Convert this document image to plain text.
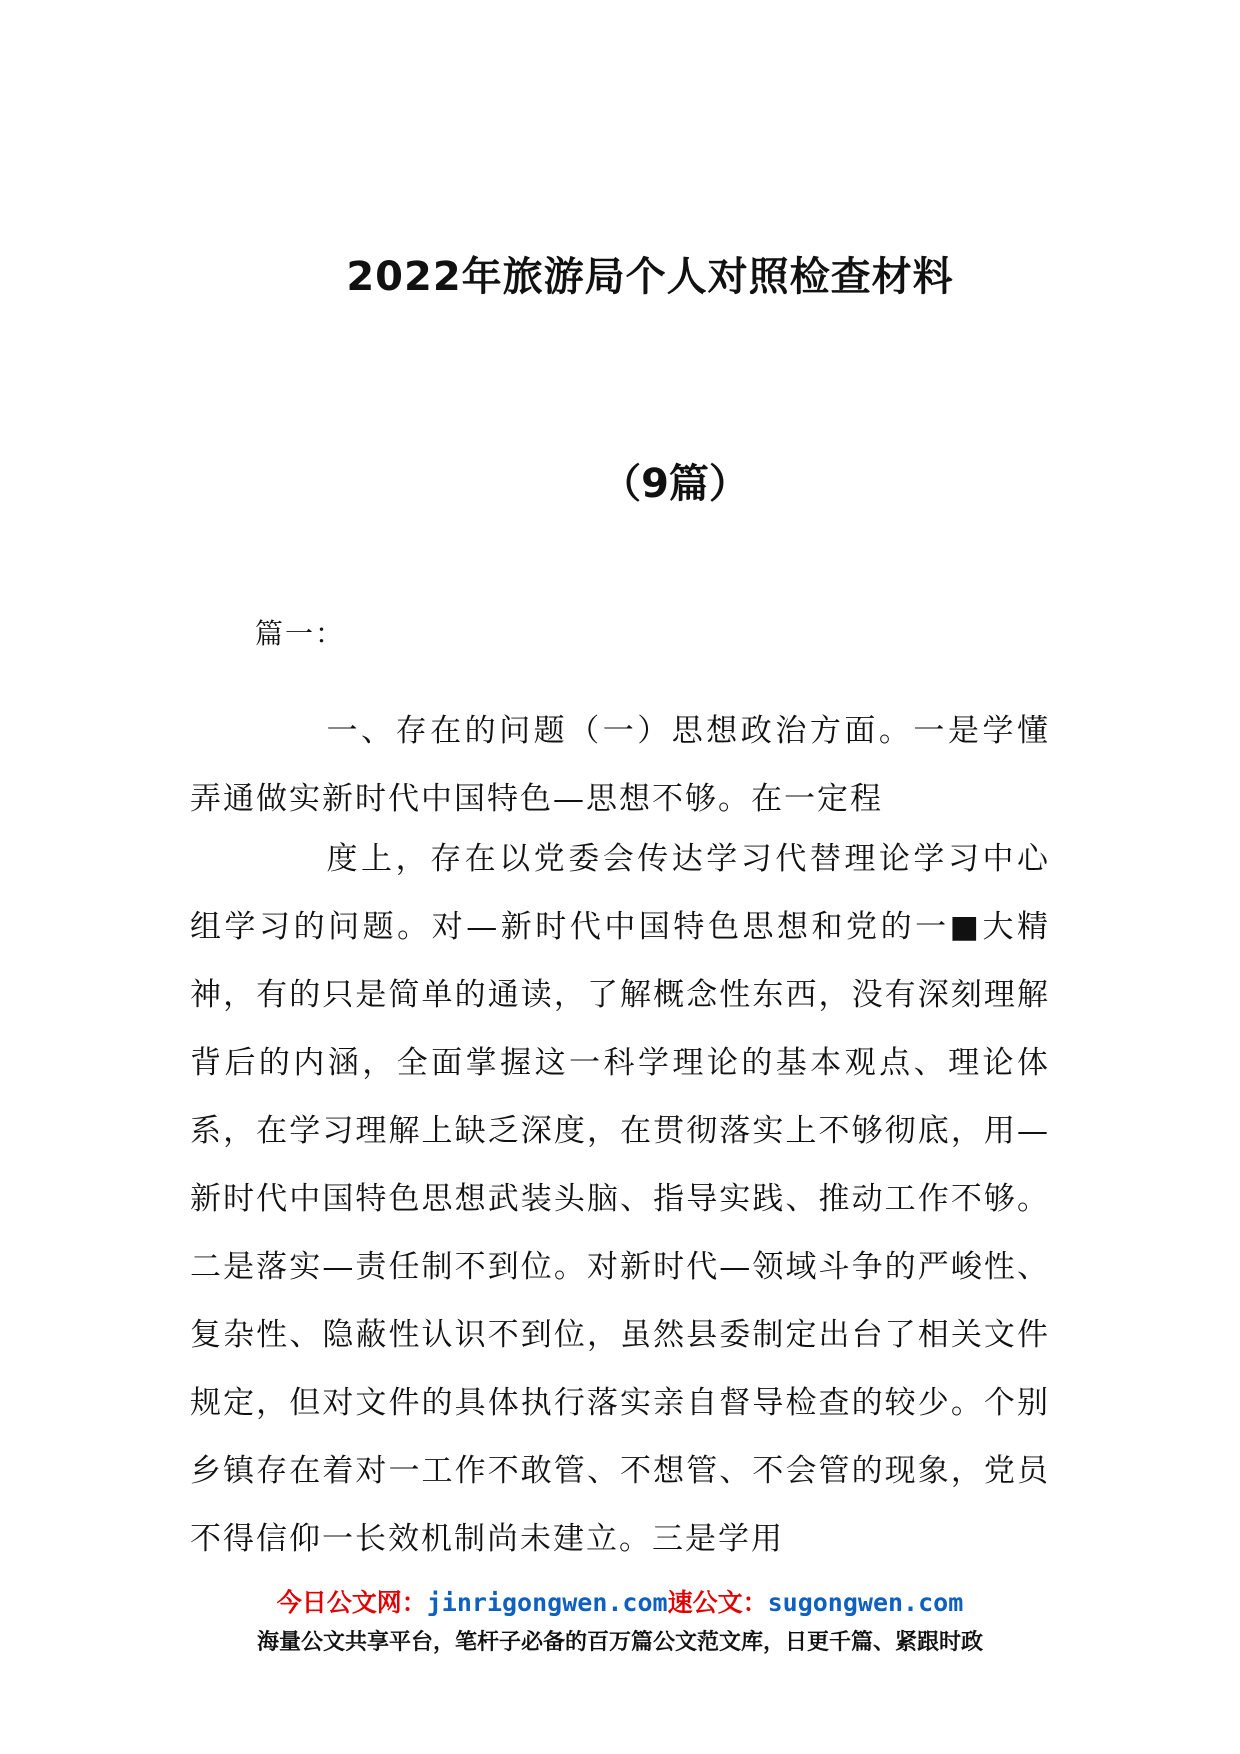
2022年旅游局个人对照检查材料
（9篇）
篇一：
一、存在的问题（一）思想政治方面。一是学懂弄通做实新时代中国特色—思想不够。在一定程
度上，存在以党委会传达学习代替理论学习中心组学习的问题。对—新时代中国特色思想和党的一■大精神，有的只是简单的通读，了解概念性东西，没有深刻理解背后的内涵，全面掌握这一科学理论的基本观点、理论体系，在学习理解上缺乏深度，在贯彻落实上不够彻底，用—新时代中国特色思想武装头脑、指导实践、推动工作不够。二是落实—责任制不到位。对新时代—领域斗争的严峻性、复杂性、隐蔽性认识不到位，虽然县委制定出台了相关文件规定，但对文件的具体执行落实亲自督导检查的较少。个别乡镇存在着对一工作不敢管、不想管、不会管的现象，党员不得信仰一长效机制尚未建立。三是学用
今日公文网：jinrigongwen.com速公文：sugongwen.com
海量公文共享平台，笔杆子必备的百万篇公文范文库，日更千篇、紧跟时政
